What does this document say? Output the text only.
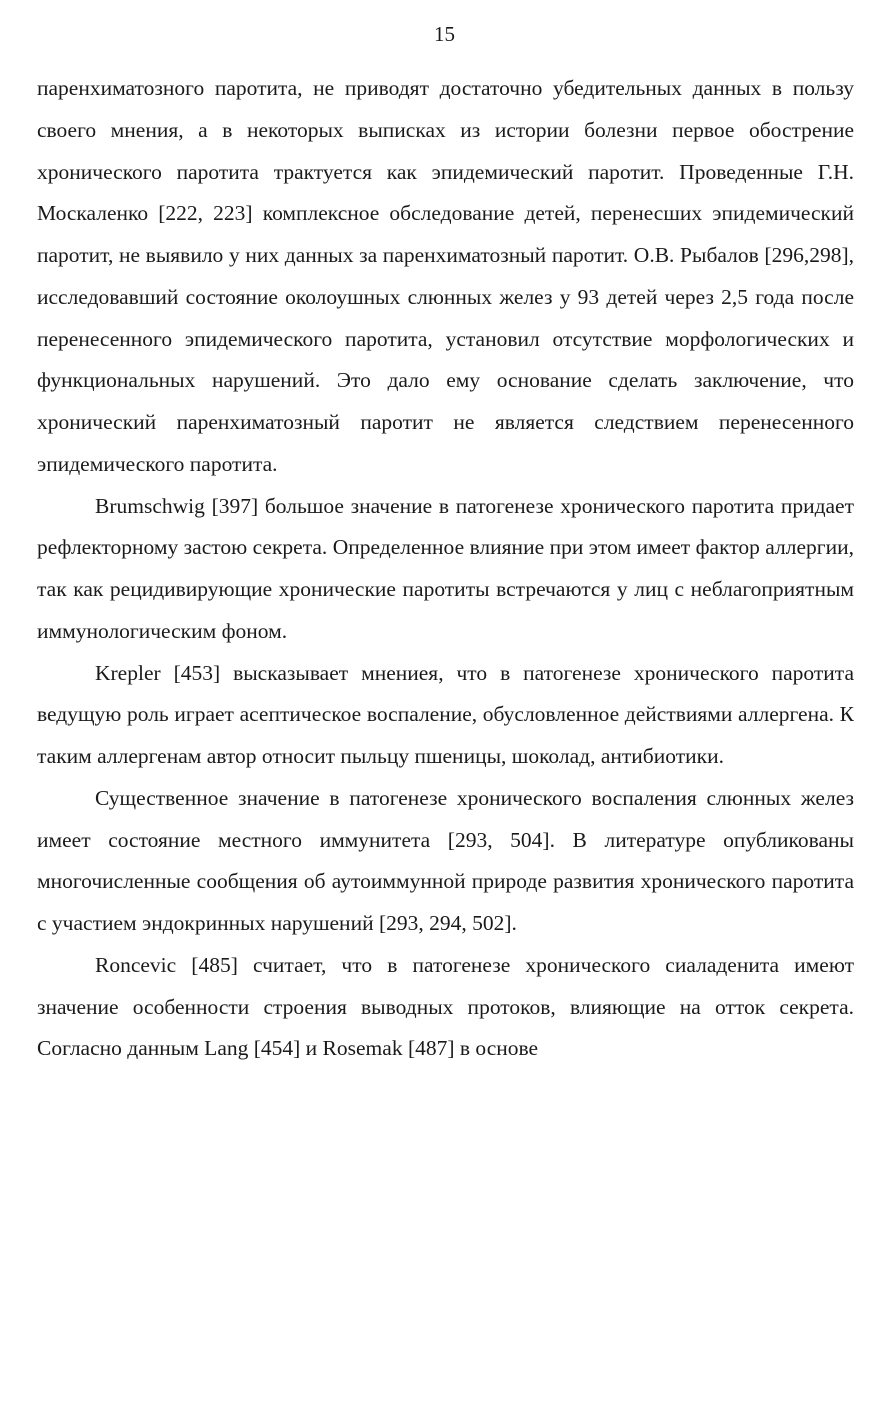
15

паренхиматозного паротита, не приводят достаточно убедительных данных в пользу своего мнения, а в некоторых выписках из истории болезни первое обострение хронического паротита трактуется как эпидемический паротит. Проведенные Г.Н. Москаленко [222, 223] комплексное обследование детей, перенесших эпидемический паротит, не выявило у них данных за паренхиматозный паротит. О.В. Рыбалов [296,298], исследовавший состояние околоушных слюнных желез у 93 детей через 2,5 года после перенесенного эпидемического паротита, установил отсутствие морфологических и функциональных нарушений. Это дало ему основание сделать заключение, что хронический паренхиматозный паротит не является следствием перенесенного эпидемического паротита.

Brumschwig [397] большое значение в патогенезе хронического паротита придает рефлекторному застою секрета. Определенное влияние при этом имеет фактор аллергии, так как рецидивирующие хронические паротиты встречаются у лиц с неблагоприятным иммунологическим фоном.

Krepler [453] высказывает мнениея, что в патогенезе хронического паротита ведущую роль играет асептическое воспаление, обусловленное действиями аллергена. К таким аллергенам автор относит пыльцу пшеницы, шоколад, антибиотики.

Существенное значение в патогенезе хронического воспаления слюнных желез имеет состояние местного иммунитета [293, 504]. В литературе опубликованы многочисленные сообщения об аутоиммунной природе развития хронического паротита с участием эндокринных нарушений [293, 294, 502].

Roncevic [485] считает, что в патогенезе хронического сиаладенита имеют значение особенности строения выводных протоков, влияющие на отток секрета. Согласно данным Lang [454] и Rosemak [487] в основе
